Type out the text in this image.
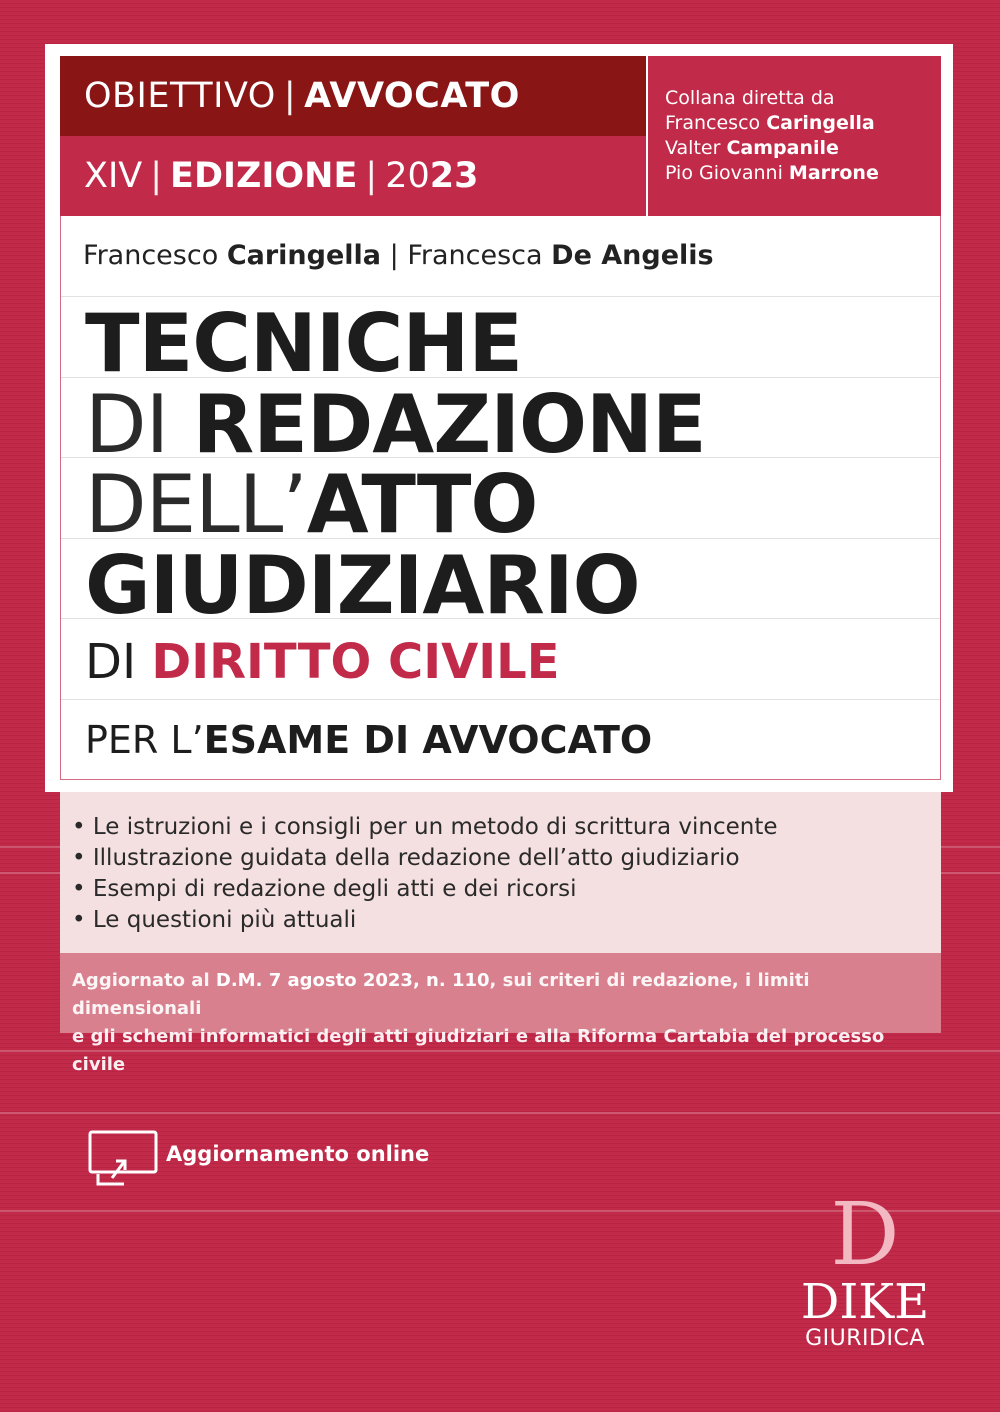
OBIETTIVO | AVVOCATO
XIV | EDIZIONE | 20 23
Collana diretta da
Francesco Caringella
Valter Campanile
Pio Giovanni Marrone
Francesco Caringella | Francesca De Angelis
TECNICHE
DI REDAZIONE
DELL’ATTO
GIUDIZIARIO
DI DIRITTO CIVILE
PER L’ESAME DI AVVOCATO
• Le istruzioni e i consigli per un metodo di scrittura vincente
• Illustrazione guidata della redazione dell’atto giudiziario
• Esempi di redazione degli atti e dei ricorsi
• Le questioni più attuali
Aggiornato al D.M. 7 agosto 2023, n. 110, sui criteri di redazione, i limiti dimensionali
e gli schemi informatici degli atti giudiziari e alla Riforma Cartabia del processo civile
Aggiornamento online
D
DIKE
GIURIDICA
